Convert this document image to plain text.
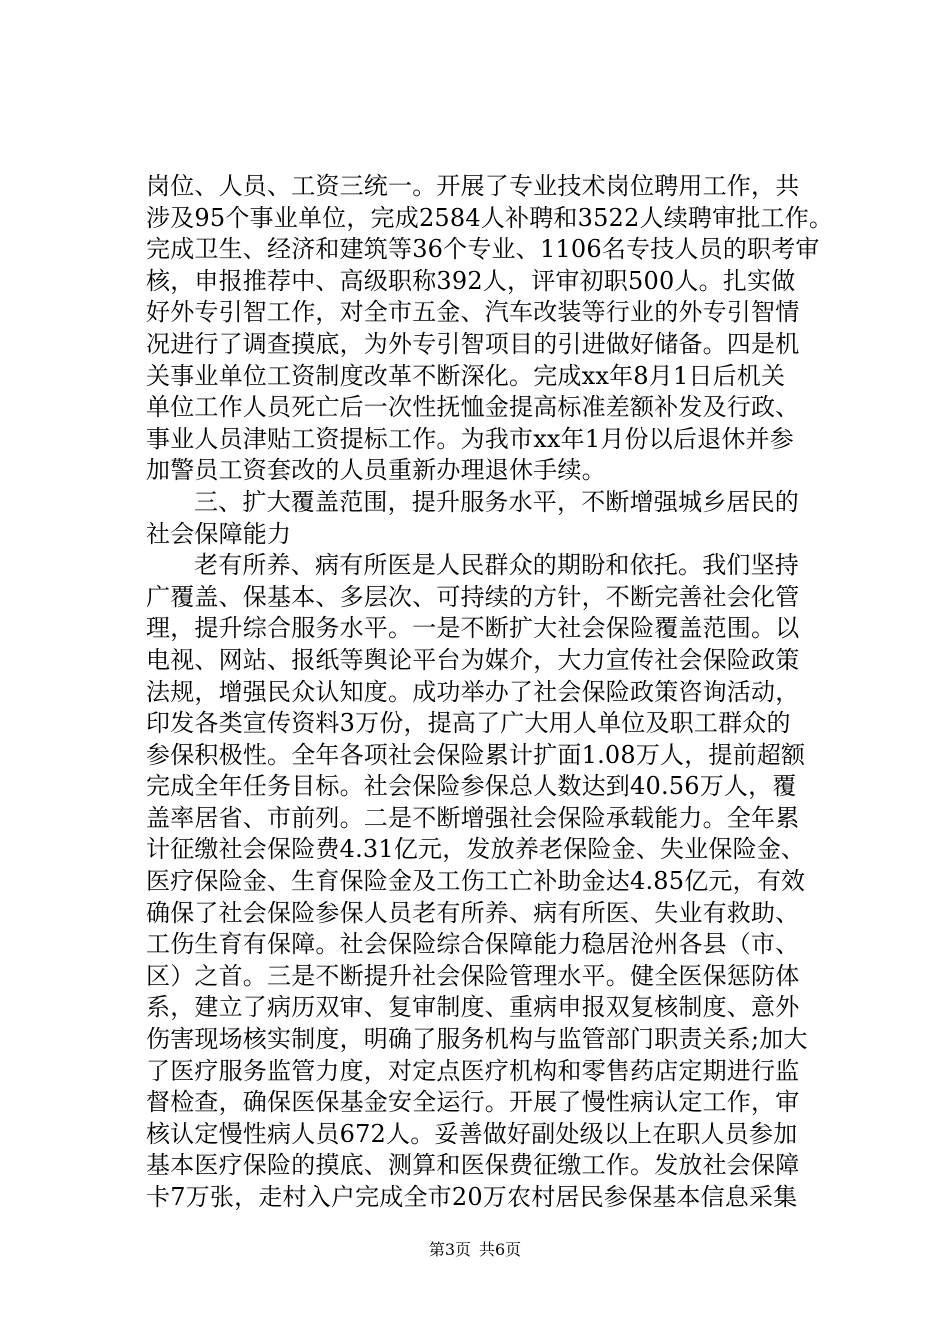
岗位、人员、工资三统一。开展了专业技术岗位聘用工作，共
涉及95个事业单位，完成2584人补聘和3522人续聘审批工作。
完成卫生、经济和建筑等36个专业、1106名专技人员的职考审
核，申报推荐中、高级职称392人，评审初职500人。扎实做
好外专引智工作，对全市五金、汽车改装等行业的外专引智情
况进行了调查摸底，为外专引智项目的引进做好储备。四是机
关事业单位工资制度改革不断深化。完成xx年8月1日后机关
单位工作人员死亡后一次性抚恤金提高标准差额补发及行政、
事业人员津贴工资提标工作。为我市xx年1月份以后退休并参
加警员工资套改的人员重新办理退休手续。
三、扩大覆盖范围，提升服务水平，不断增强城乡居民的
社会保障能力
老有所养、病有所医是人民群众的期盼和依托。我们坚持
广覆盖、保基本、多层次、可持续的方针，不断完善社会化管
理，提升综合服务水平。一是不断扩大社会保险覆盖范围。以
电视、网站、报纸等舆论平台为媒介，大力宣传社会保险政策
法规，增强民众认知度。成功举办了社会保险政策咨询活动，
印发各类宣传资料3万份，提高了广大用人单位及职工群众的
参保积极性。全年各项社会保险累计扩面1.08万人，提前超额
完成全年任务目标。社会保险参保总人数达到40.56万人，覆
盖率居省、市前列。二是不断增强社会保险承载能力。全年累
计征缴社会保险费4.31亿元，发放养老保险金、失业保险金、
医疗保险金、生育保险金及工伤工亡补助金达4.85亿元，有效
确保了社会保险参保人员老有所养、病有所医、失业有救助、
工伤生育有保障。社会保险综合保障能力稳居沧州各县（市、
区）之首。三是不断提升社会保险管理水平。健全医保惩防体
系，建立了病历双审、复审制度、重病申报双复核制度、意外
伤害现场核实制度，明确了服务机构与监管部门职责关系;加大
了医疗服务监管力度，对定点医疗机构和零售药店定期进行监
督检查，确保医保基金安全运行。开展了慢性病认定工作，审
核认定慢性病人员672人。妥善做好副处级以上在职人员参加
基本医疗保险的摸底、测算和医保费征缴工作。发放社会保障
卡7万张，走村入户完成全市20万农村居民参保基本信息采集
第3页 共6页
